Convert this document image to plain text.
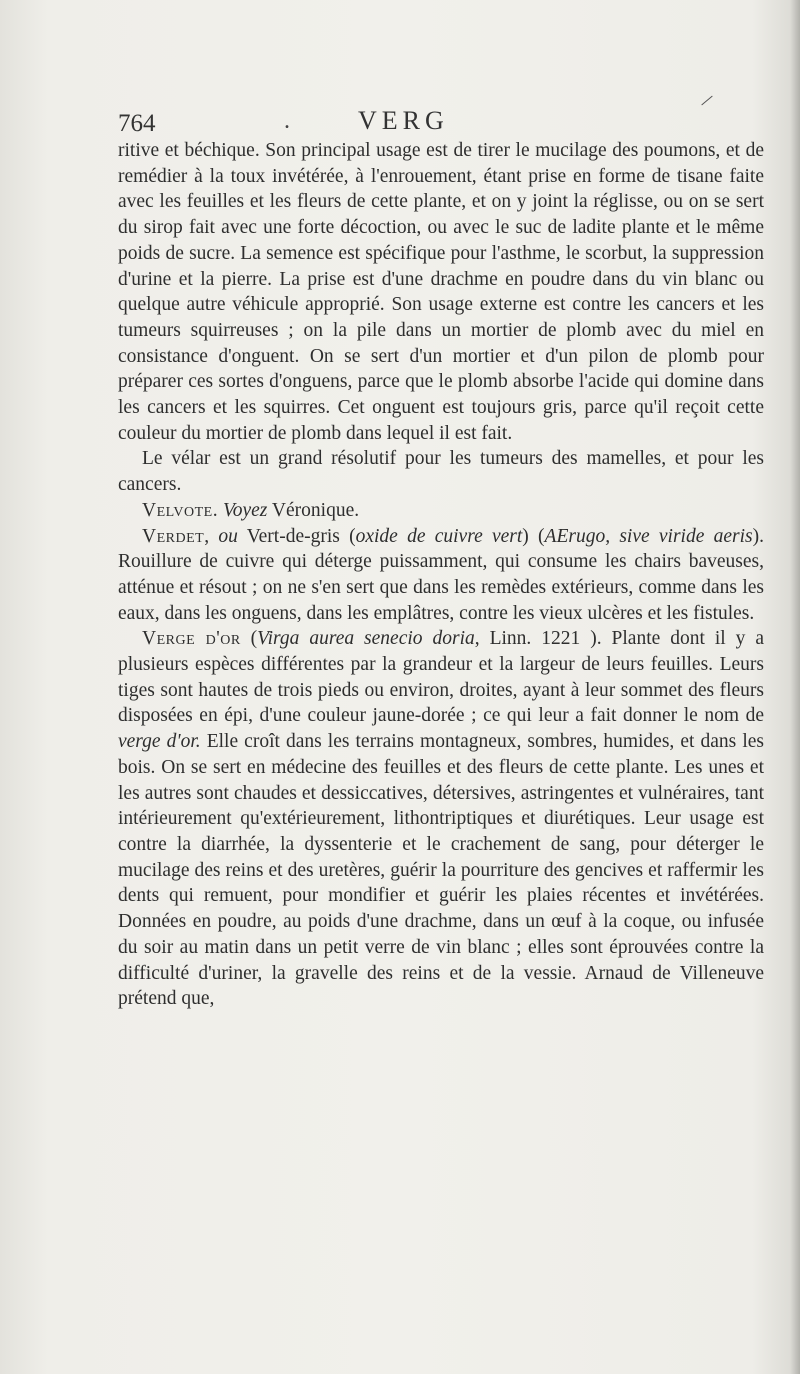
764	.	VERG

ritive et béchique. Son principal usage est de tirer le mucilage des poumons, et de remédier à la toux invétérée, à l'enrouement, étant prise en forme de tisane faite avec les feuilles et les fleurs de cette plante, et on y joint la réglisse, ou on se sert du sirop fait avec une forte décoction, ou avec le suc de ladite plante et le même poids de sucre. La semence est spécifique pour l'asthme, le scorbut, la suppression d'urine et la pierre. La prise est d'une drachme en poudre dans du vin blanc ou quelque autre véhicule approprié. Son usage externe est contre les cancers et les tumeurs squirreuses ; on la pile dans un mortier de plomb avec du miel en consistance d'onguent. On se sert d'un mortier et d'un pilon de plomb pour préparer ces sortes d'onguens, parce que le plomb absorbe l'acide qui domine dans les cancers et les squirres. Cet onguent est toujours gris, parce qu'il reçoit cette couleur du mortier de plomb dans lequel il est fait.

Le vélar est un grand résolutif pour les tumeurs des mamelles, et pour les cancers.

Velvote. Voyez Véronique.

Verdet, ou Vert-de-gris (oxide de cuivre vert) (AErugo, sive viride aeris). Rouillure de cuivre qui déterge puissamment, qui consume les chairs baveuses, atténue et résout ; on ne s'en sert que dans les remèdes extérieurs, comme dans les eaux, dans les onguens, dans les emplâtres, contre les vieux ulcères et les fistules.

Verge d'or (Virga aurea senecio doria, Linn. 1221 ). Plante dont il y a plusieurs espèces différentes par la grandeur et la largeur de leurs feuilles. Leurs tiges sont hautes de trois pieds ou environ, droites, ayant à leur sommet des fleurs disposées en épi, d'une couleur jaune-dorée ; ce qui leur a fait donner le nom de verge d'or. Elle croît dans les terrains montagneux, sombres, humides, et dans les bois. On se sert en médecine des feuilles et des fleurs de cette plante. Les unes et les autres sont chaudes et dessiccatives, détersives, astringentes et vulnéraires, tant intérieurement qu'extérieurement, lithontriptiques et diurétiques. Leur usage est contre la diarrhée, la dyssenterie et le crachement de sang, pour déterger le mucilage des reins et des uretères, guérir la pourriture des gencives et raffermir les dents qui remuent, pour mondifier et guérir les plaies récentes et invétérées. Données en poudre, au poids d'une drachme, dans un œuf à la coque, ou infusée du soir au matin dans un petit verre de vin blanc ; elles sont éprouvées contre la difficulté d'uriner, la gravelle des reins et de la vessie. Arnaud de Villeneuve prétend que,
